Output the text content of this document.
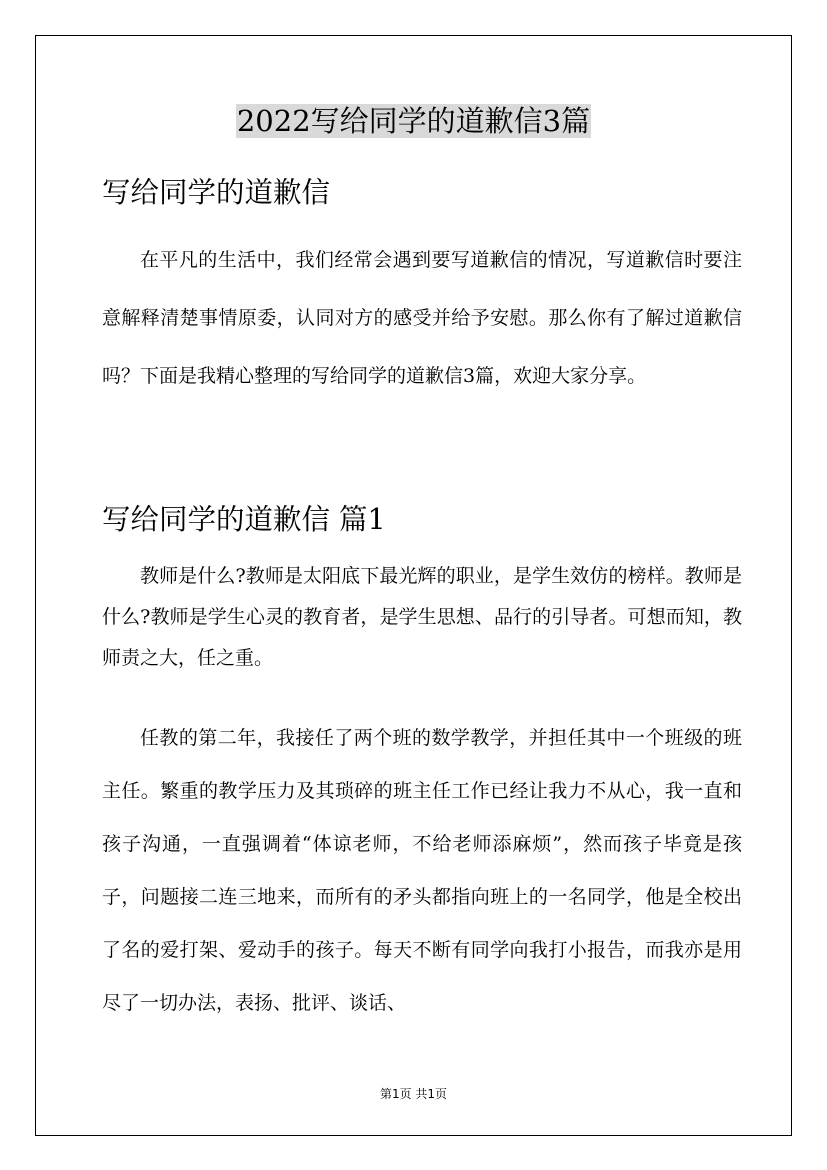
2022写给同学的道歉信3篇
写给同学的道歉信

在平凡的生活中，我们经常会遇到要写道歉信的情况，写道歉信时要注意解释清楚事情原委，认同对方的感受并给予安慰。那么你有了解过道歉信吗？下面是我精心整理的写给同学的道歉信3篇，欢迎大家分享。

写给同学的道歉信 篇1

教师是什么?教师是太阳底下最光辉的职业，是学生效仿的榜样。教师是什么?教师是学生心灵的教育者，是学生思想、品行的引导者。可想而知，教师责之大，任之重。

任教的第二年，我接任了两个班的数学教学，并担任其中一个班级的班主任。繁重的教学压力及其琐碎的班主任工作已经让我力不从心，我一直和孩子沟通，一直强调着“体谅老师，不给老师添麻烦”，然而孩子毕竟是孩子，问题接二连三地来，而所有的矛头都指向班上的一名同学，他是全校出了名的爱打架、爱动手的孩子。每天不断有同学向我打小报告，而我亦是用尽了一切办法，表扬、批评、谈话、

第1页 共1页
